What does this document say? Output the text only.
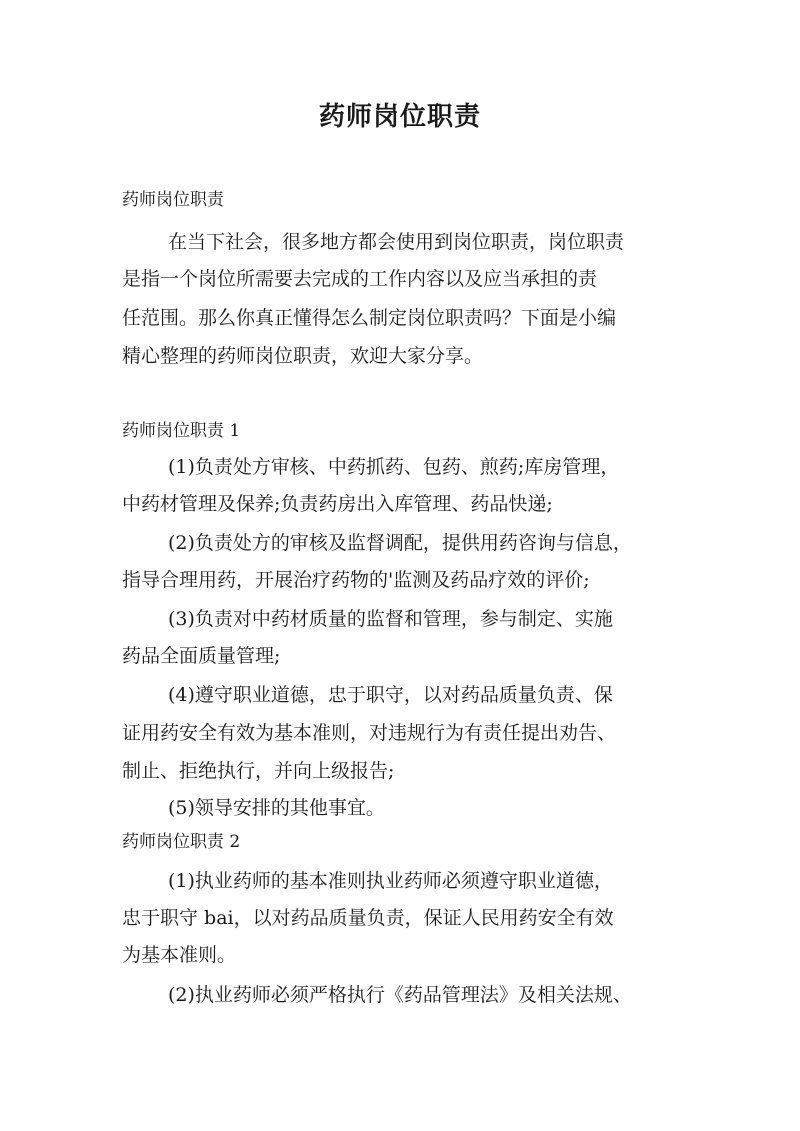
药师岗位职责
药师岗位职责
在当下社会，很多地方都会使用到岗位职责，岗位职责
是指一个岗位所需要去完成的工作内容以及应当承担的责
任范围。那么你真正懂得怎么制定岗位职责吗？下面是小编
精心整理的药师岗位职责，欢迎大家分享。
药师岗位职责 1
(1)负责处方审核、中药抓药、包药、煎药;库房管理，
中药材管理及保养;负责药房出入库管理、药品快递;
(2)负责处方的审核及监督调配，提供用药咨询与信息，
指导合理用药，开展治疗药物的'监测及药品疗效的评价;
(3)负责对中药材质量的监督和管理，参与制定、实施
药品全面质量管理;
(4)遵守职业道德，忠于职守，以对药品质量负责、保
证用药安全有效为基本准则，对违规行为有责任提出劝告、
制止、拒绝执行，并向上级报告;
(5)领导安排的其他事宜。
药师岗位职责 2
(1)执业药师的基本准则执业药师必须遵守职业道德，
忠于职守 bai，以对药品质量负责，保证人民用药安全有效
为基本准则。
(2)执业药师必须严格执行《药品管理法》及相关法规、
